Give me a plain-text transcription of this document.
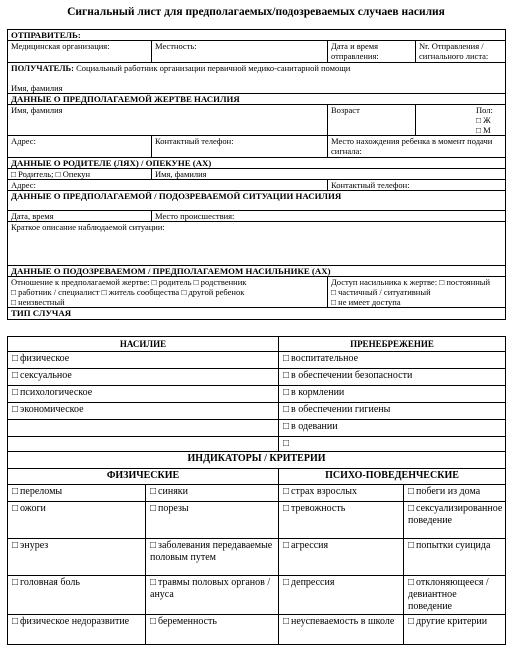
Сигнальный лист для предполагаемых/подозреваемых случаев насилия
ОТПРАВИТЕЛЬ:			
Медицинская организация:	Местность:	Дата и время отправления:	Nr. Отправления / сигнального листа:
ПОЛУЧАТЕЛЬ: Социальный работник организации первичной медико-санитарной помощи

Имя, фамилия			
ДАННЫЕ О ПРЕДПОЛАГАЕМОЙ ЖЕРТВЕ НАСИЛИЯ			
Имя, фамилия		Возраст	Пол: □ Ж
□ М
Адрес:	Контактный телефон:	Место нахождения ребенка в момент подачи сигнала:	
ДАННЫЕ О РОДИТЕЛЕ (ЛЯХ) / ОПЕКУНЕ (АХ)			
□ Родитель; □ Опекун	Имя, фамилия		
Адрес:		Контактный телефон:	
ДАННЫЕ О ПРЕДПОЛАГАЕМОЙ / ПОДОЗРЕВАЕМОЙ СИТУАЦИИ НАСИЛИЯ			
Дата, время	Место происшествия:		
Краткое описание наблюдаемой ситуации:			
ДАННЫЕ О ПОДОЗРЕВАЕМОМ / ПРЕДПОЛАГАЕМОМ НАСИЛЬНИКЕ (АХ)			
Отношение к предполагаемой жертве: □ родитель □ родственник
□ работник / специалист □ житель сообщества □ другой ребенок
□ неизвестный		Доступ насильника к жертве: □ постоянный
□ частичный / ситуативный
□ не имеет доступа
ТИП СЛУЧАЯ			
НАСИЛИЕ	ПРЕНЕБРЕЖЕНИЕ
□ физическое	□ воспитательное
□ сексуальное	□ в обеспечении безопасности
□ психологическое	□ в кормлении
□ экономическое	□ в обеспечении гигиены
	□ в одевании
	□
ИНДИКАТОРЫ / КРИТЕРИИ			
ФИЗИЧЕСКИЕ		ПСИХО-ПОВЕДЕНЧЕСКИЕ	
□ переломы	□ синяки	□ страх взрослых	□ побеги из дома
□ ожоги	□ порезы	□ тревожность	□ сексуализированное поведение
□ энурез	□ заболевания передаваемые половым путем	□ агрессия	□ попытки суицида
□ головная боль	□ травмы половых органов / ануса	□ депрессия	□ отклоняющееся / девиантное поведение
□ физическое недоразвитие	□ беременность	□ неуспеваемость в школе	□ другие критерии
